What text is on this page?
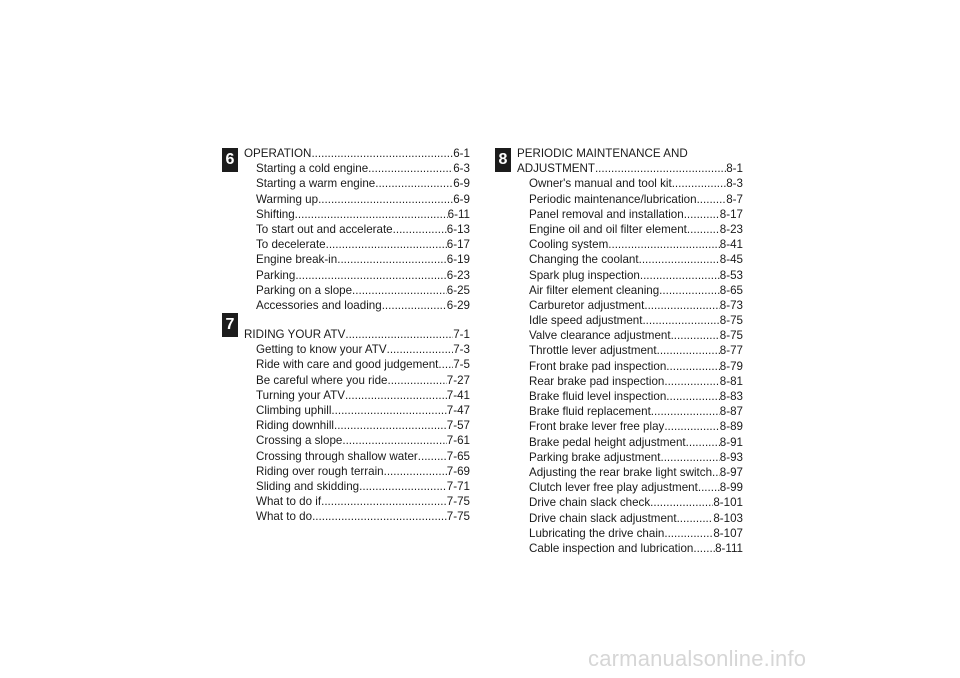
6
7
8
OPERATION .....	6-1
Starting a cold engine .....	6-3
Starting a warm engine .....	6-9
Warming up .....	6-9
Shifting .....	6-11
To start out and accelerate .....	6-13
To decelerate .....	6-17
Engine break-in .....	6-19
Parking .....	6-23
Parking on a slope .....	6-25
Accessories and loading .....	6-29
RIDING YOUR ATV .....	7-1
Getting to know your ATV .....	7-3
Ride with care and good judgement ..... 7-5
Be careful where you ride .....	7-27
Turning your ATV .....	7-41
Climbing uphill .....	7-47
Riding downhill .....	7-57
Crossing a slope .....	7-61
Crossing through shallow water .....	7-65
Riding over rough terrain .....	7-69
Sliding and skidding .....	7-71
What to do if .....	7-75
What to do .....	7-75
PERIODIC MAINTENANCE AND
ADJUSTMENT .....	8-1
Owner's manual and tool kit .....	8-3
Periodic maintenance/lubrication .....	8-7
Panel removal and installation .....	8-17
Engine oil and oil filter element .....	8-23
Cooling system .....	8-41
Changing the coolant .....	8-45
Spark plug inspection .....	8-53
Air filter element cleaning .....	8-65
Carburetor adjustment .....	8-73
Idle speed adjustment .....	8-75
Valve clearance adjustment .....	8-75
Throttle lever adjustment .....	8-77
Front brake pad inspection .....	8-79
Rear brake pad inspection .....	8-81
Brake fluid level inspection .....	8-83
Brake fluid replacement .....	8-87
Front brake lever free play .....	8-89
Brake pedal height adjustment .....	8-91
Parking brake adjustment .....	8-93
Adjusting the rear brake light switch ..... 8-97
Clutch lever free play adjustment ..... 8-99
Drive chain slack check .....	8-101
Drive chain slack adjustment .....	8-103
Lubricating the drive chain .....	8-107
Cable inspection and lubrication ..... 8-111
carmanualsonline.info
